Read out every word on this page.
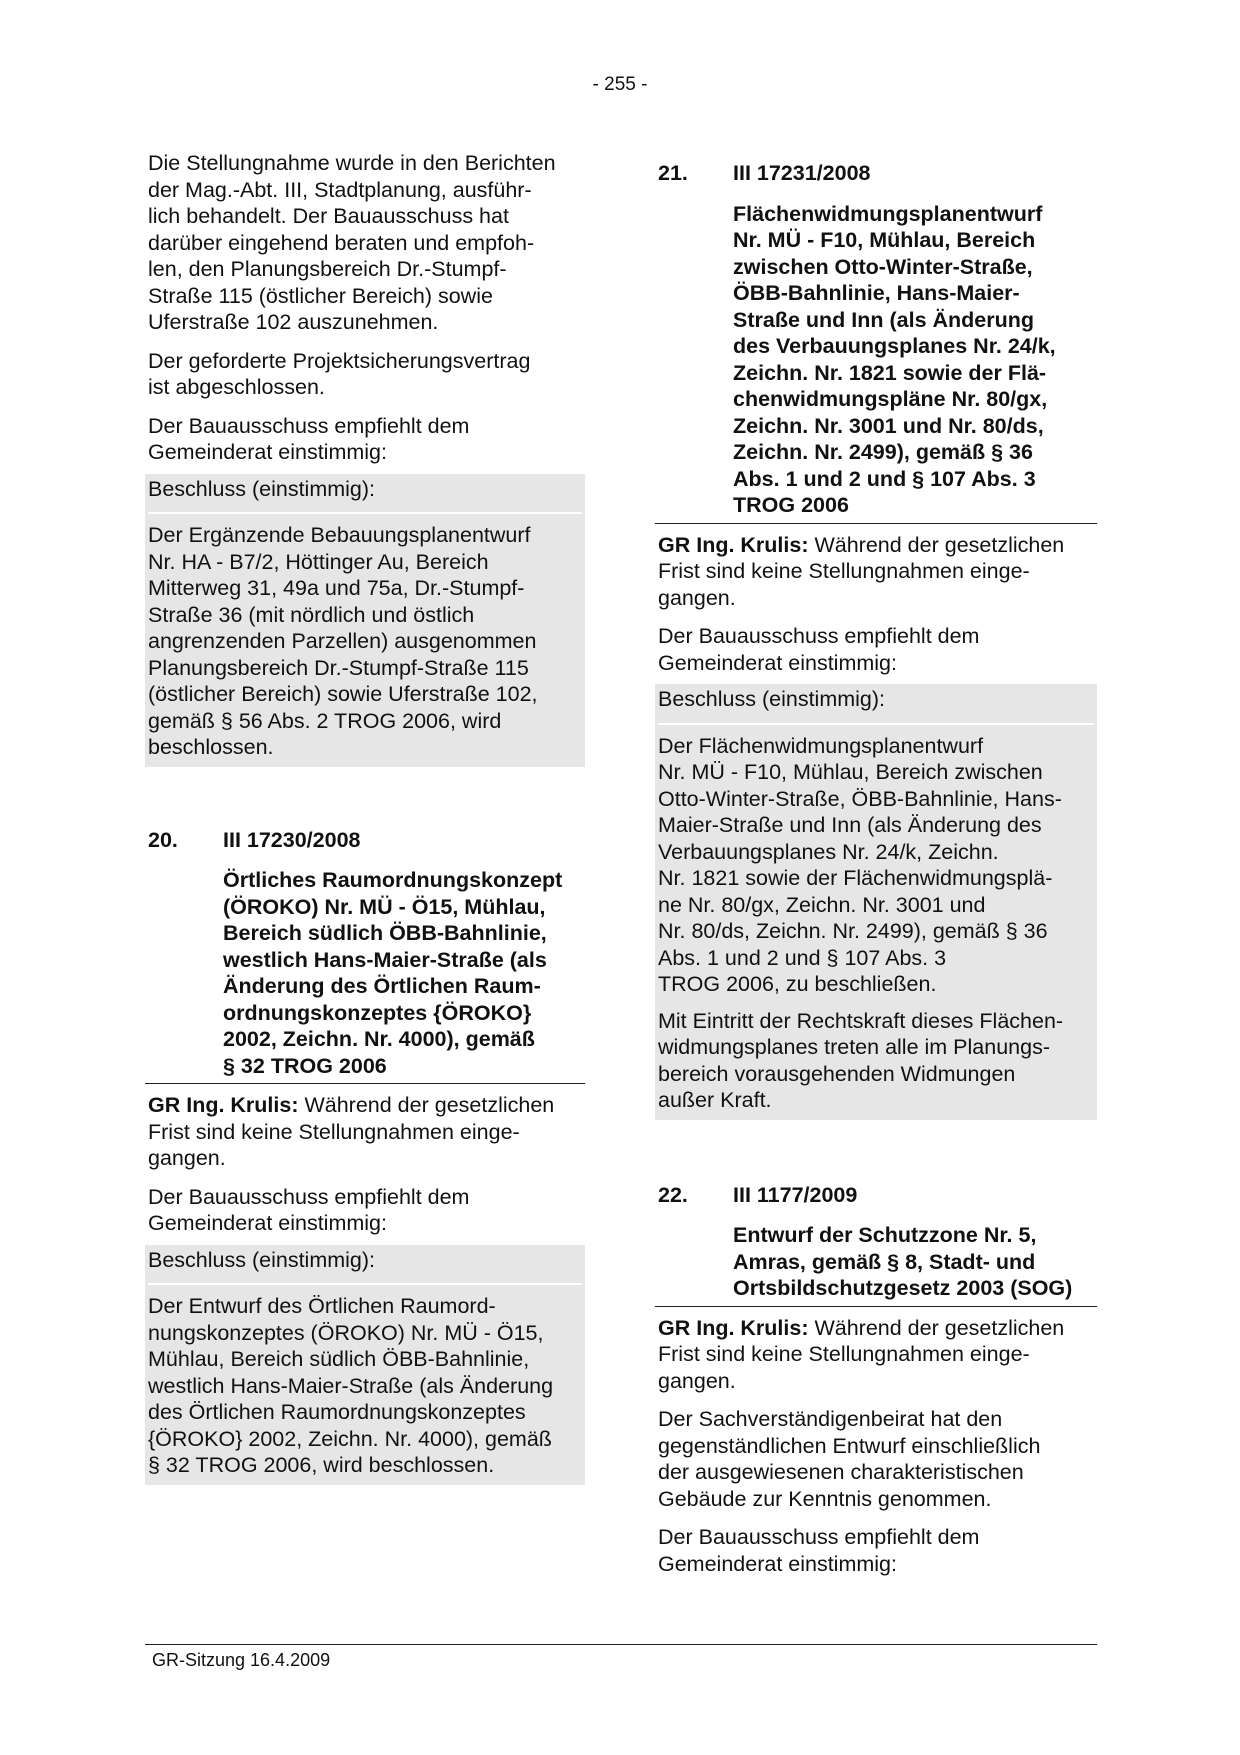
- 255 -

Die Stellungnahme wurde in den Berichten
der Mag.-Abt. III, Stadtplanung, ausführ-
lich behandelt. Der Bauausschuss hat
darüber eingehend beraten und empfoh-
len, den Planungsbereich Dr.-Stumpf-
Straße 115 (östlicher Bereich) sowie
Uferstraße 102 auszunehmen.

Der geforderte Projektsicherungsvertrag
ist abgeschlossen.

Der Bauausschuss empfiehlt dem
Gemeinderat einstimmig:

Beschluss (einstimmig):

Der Ergänzende Bebauungsplanentwurf
Nr. HA - B7/2, Höttinger Au, Bereich
Mitterweg 31, 49a und 75a, Dr.-Stumpf-
Straße 36 (mit nördlich und östlich
angrenzenden Parzellen) ausgenommen
Planungsbereich Dr.-Stumpf-Straße 115
(östlicher Bereich) sowie Uferstraße 102,
gemäß § 56 Abs. 2 TROG 2006, wird
beschlossen.

20.	III 17230/2008
Örtliches Raumordnungskonzept
(ÖROKO) Nr. MÜ - Ö15, Mühlau,
Bereich südlich ÖBB-Bahnlinie,
westlich Hans-Maier-Straße (als
Änderung des Örtlichen Raum-
ordnungskonzeptes {ÖROKO}
2002, Zeichn. Nr. 4000), gemäß
§ 32 TROG 2006

GR Ing. Krulis: Während der gesetzlichen
Frist sind keine Stellungnahmen einge-
gangen.

Der Bauausschuss empfiehlt dem
Gemeinderat einstimmig:

Beschluss (einstimmig):

Der Entwurf des Örtlichen Raumord-
nungskonzeptes (ÖROKO) Nr. MÜ - Ö15,
Mühlau, Bereich südlich ÖBB-Bahnlinie,
westlich Hans-Maier-Straße (als Änderung
des Örtlichen Raumordnungskonzeptes
{ÖROKO} 2002, Zeichn. Nr. 4000), gemäß
§ 32 TROG 2006, wird beschlossen.

21.	III 17231/2008
Flächenwidmungsplanentwurf
Nr. MÜ - F10, Mühlau, Bereich
zwischen Otto-Winter-Straße,
ÖBB-Bahnlinie, Hans-Maier-
Straße und Inn (als Änderung
des Verbauungsplanes Nr. 24/k,
Zeichn. Nr. 1821 sowie der Flä-
chenwidmungspläne Nr. 80/gx,
Zeichn. Nr. 3001 und Nr. 80/ds,
Zeichn. Nr. 2499), gemäß § 36
Abs. 1 und 2 und § 107 Abs. 3
TROG 2006

GR Ing. Krulis: Während der gesetzlichen
Frist sind keine Stellungnahmen einge-
gangen.

Der Bauausschuss empfiehlt dem
Gemeinderat einstimmig:

Beschluss (einstimmig):

Der Flächenwidmungsplanentwurf
Nr. MÜ - F10, Mühlau, Bereich zwischen
Otto-Winter-Straße, ÖBB-Bahnlinie, Hans-
Maier-Straße und Inn (als Änderung des
Verbauungsplanes Nr. 24/k, Zeichn.
Nr. 1821 sowie der Flächenwidmungsplä-
ne Nr. 80/gx, Zeichn. Nr. 3001 und
Nr. 80/ds, Zeichn. Nr. 2499), gemäß § 36
Abs. 1 und 2 und § 107 Abs. 3
TROG 2006, zu beschließen.

Mit Eintritt der Rechtskraft dieses Flächen-
widmungsplanes treten alle im Planungs-
bereich vorausgehenden Widmungen
außer Kraft.

22.	III 1177/2009
Entwurf der Schutzzone Nr. 5,
Amras, gemäß § 8, Stadt- und
Ortsbildschutzgesetz 2003 (SOG)

GR Ing. Krulis: Während der gesetzlichen
Frist sind keine Stellungnahmen einge-
gangen.

Der Sachverständigenbeirat hat den
gegenständlichen Entwurf einschließlich
der ausgewiesenen charakteristischen
Gebäude zur Kenntnis genommen.

Der Bauausschuss empfiehlt dem
Gemeinderat einstimmig:

GR-Sitzung 16.4.2009
